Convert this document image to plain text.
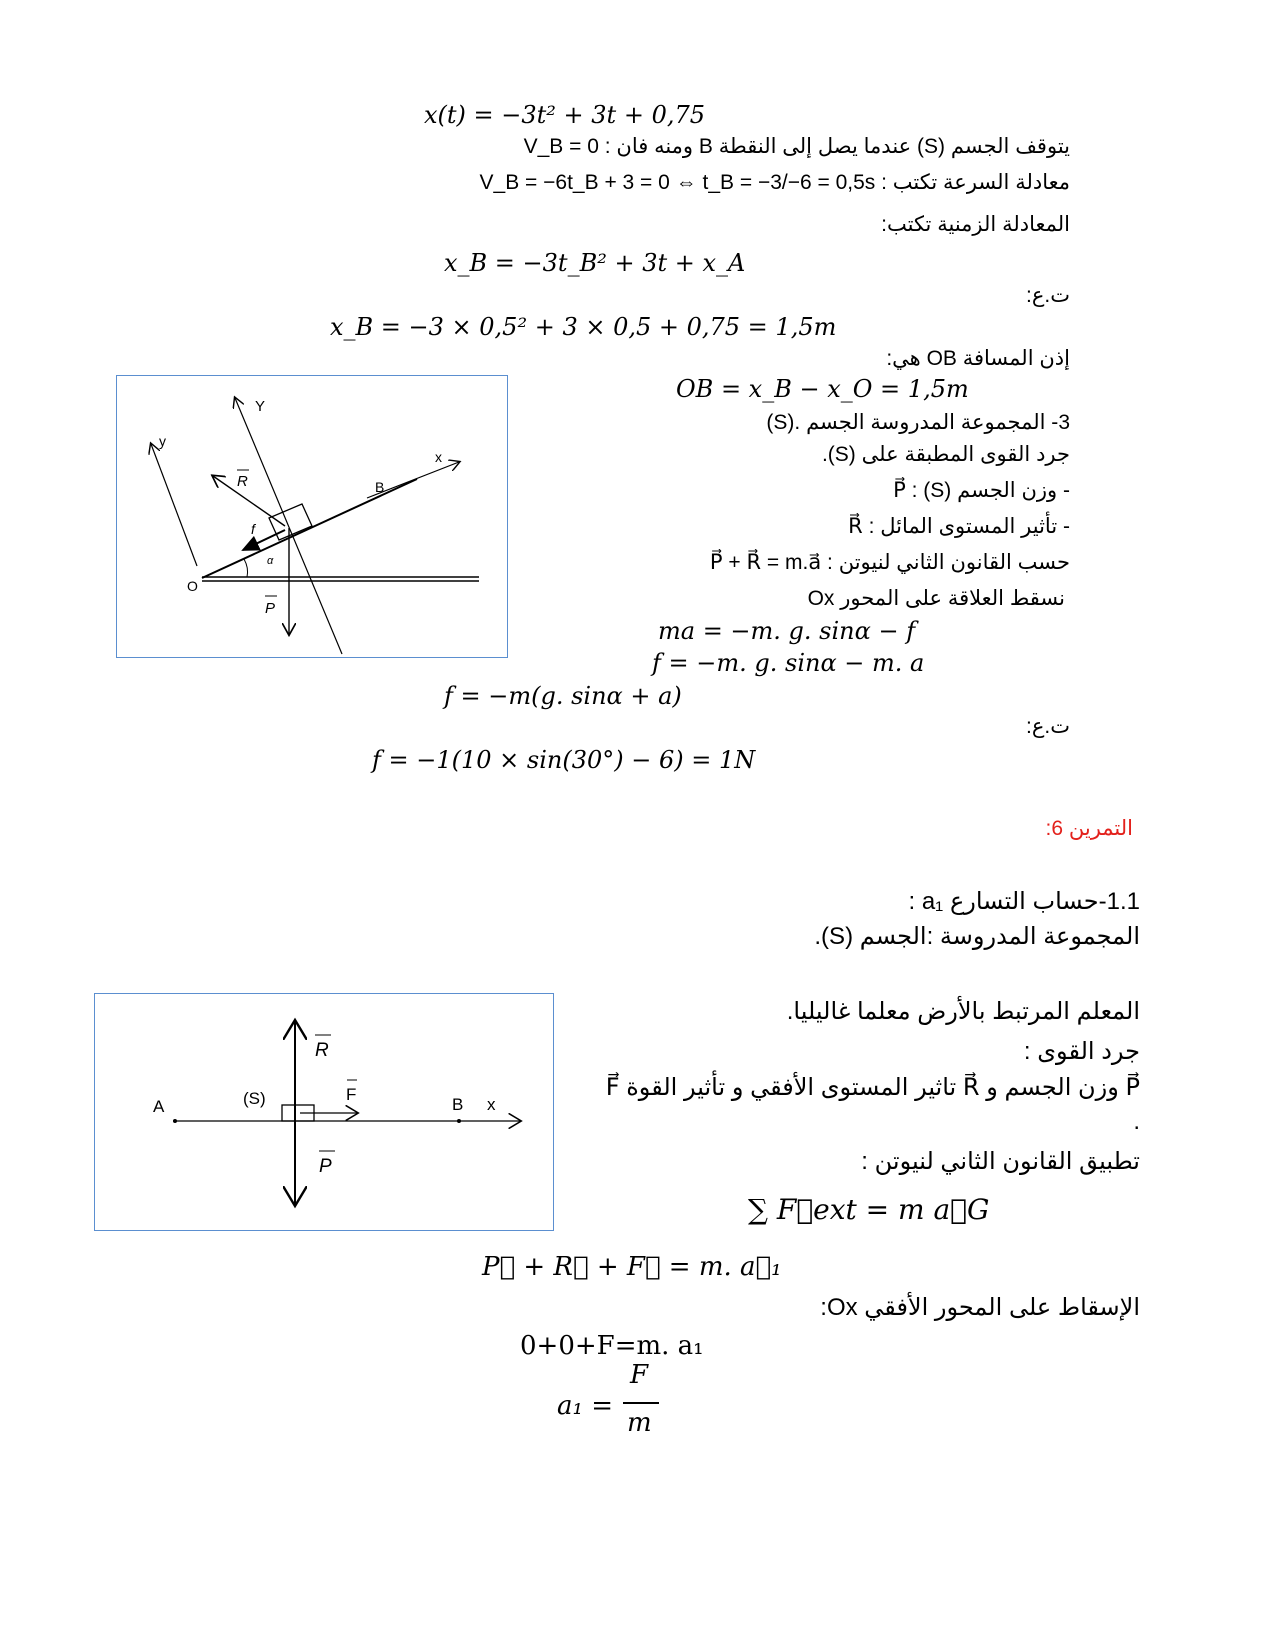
x(t) = −3t² + 3t + 0,75
يتوقف الجسم (S) عندما يصل إلى النقطة B ومنه فان : V_B = 0
معادلة السرعة تكتب : V_B = −6t_B + 3 = 0 ⇔ t_B = −3/−6 = 0,5s
المعادلة الزمنية تكتب:
x_B = −3t_B² + 3t + x_A
ت.ع:
x_B = −3 × 0,5² + 3 × 0,5 + 0,75 = 1,5m
إذن المسافة OB هي:
OB = x_B − x_O = 1,5m
3- المجموعة المدروسة الجسم .(S)
جرد القوى المطبقة على (S).
- وزن الجسم (S) : P⃗
- تأثير المستوى المائل : R⃗
حسب القانون الثاني لنيوتن : P⃗ + R⃗ = m.a⃗
نسقط العلاقة على المحور Ox
ma = −m. g. sinα − f
f = −m. g. sinα − m. a
f = −m(g. sinα + a)
ت.ع:
f = −1(10 × sin(30°) − 6) = 1N
Y
y
x
B
R
f
α
O
P
التمرين 6:
1.1-حساب التسارع a₁ :
المجموعة المدروسة :الجسم (S).
المعلم المرتبط بالأرض معلما غاليليا.
جرد القوى :
P⃗ وزن الجسم و R⃗ تاثير المستوى الأفقي و تأثير القوة F⃗
.
تطبيق القانون الثاني لنيوتن :
∑ F⃗ext = m a⃗G
P⃗ + R⃗ + F⃗ = m. a⃗₁
الإسقاط على المحور الأفقي Ox:
0+0+F=m. a₁
a₁ =
F
m
R
(S)	F
A	B x
P
